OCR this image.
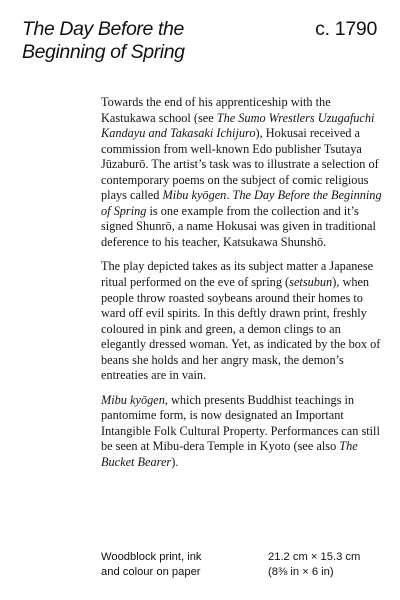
The Day Before the
Beginning of Spring
c. 1790

Towards the end of his apprenticeship with the Kastukawa school (see The Sumo Wrestlers Uzugafuchi Kandayu and Takasaki Ichijuro), Hokusai received a commission from well-known Edo publisher Tsutaya Jūzaburō. The artist’s task was to illustrate a selection of contemporary poems on the subject of comic religious plays called Mibu kyōgen. The Day Before the Beginning of Spring is one example from the collection and it’s signed Shunrō, a name Hokusai was given in traditional deference to his teacher, Katsukawa Shunshō.

The play depicted takes as its subject matter a Japanese ritual performed on the eve of spring (setsubun), when people throw roasted soybeans around their homes to ward off evil spirits. In this deftly drawn print, freshly coloured in pink and green, a demon clings to an elegantly dressed woman. Yet, as indicated by the box of beans she holds and her angry mask, the demon’s entreaties are in vain.

Mibu kyōgen, which presents Buddhist teachings in pantomime form, is now designated an Important Intangible Folk Cultural Property. Performances can still be seen at Mibu-dera Temple in Kyoto (see also The Bucket Bearer).

Woodblock print, ink
and colour on paper
21.2 cm × 15.3 cm
(8⅜ in × 6 in)
